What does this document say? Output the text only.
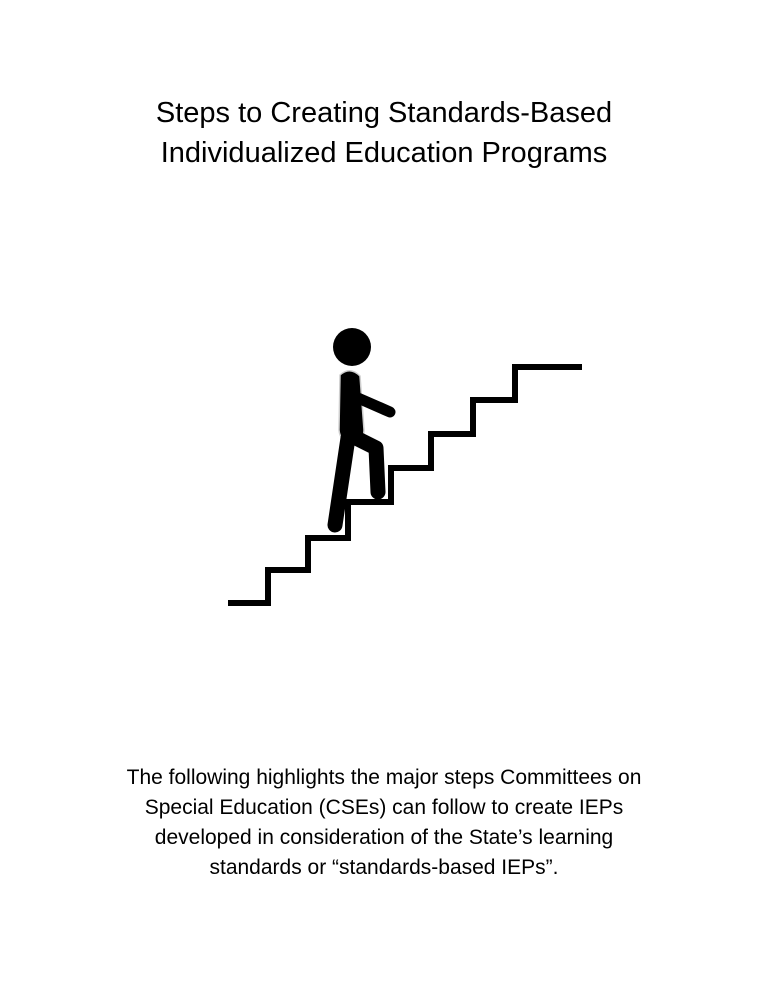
Steps to Creating Standards-Based
Individualized Education Programs
The following highlights the major steps Committees on
Special Education (CSEs) can follow to create IEPs
developed in consideration of the State’s learning
standards or “standards-based IEPs”.
